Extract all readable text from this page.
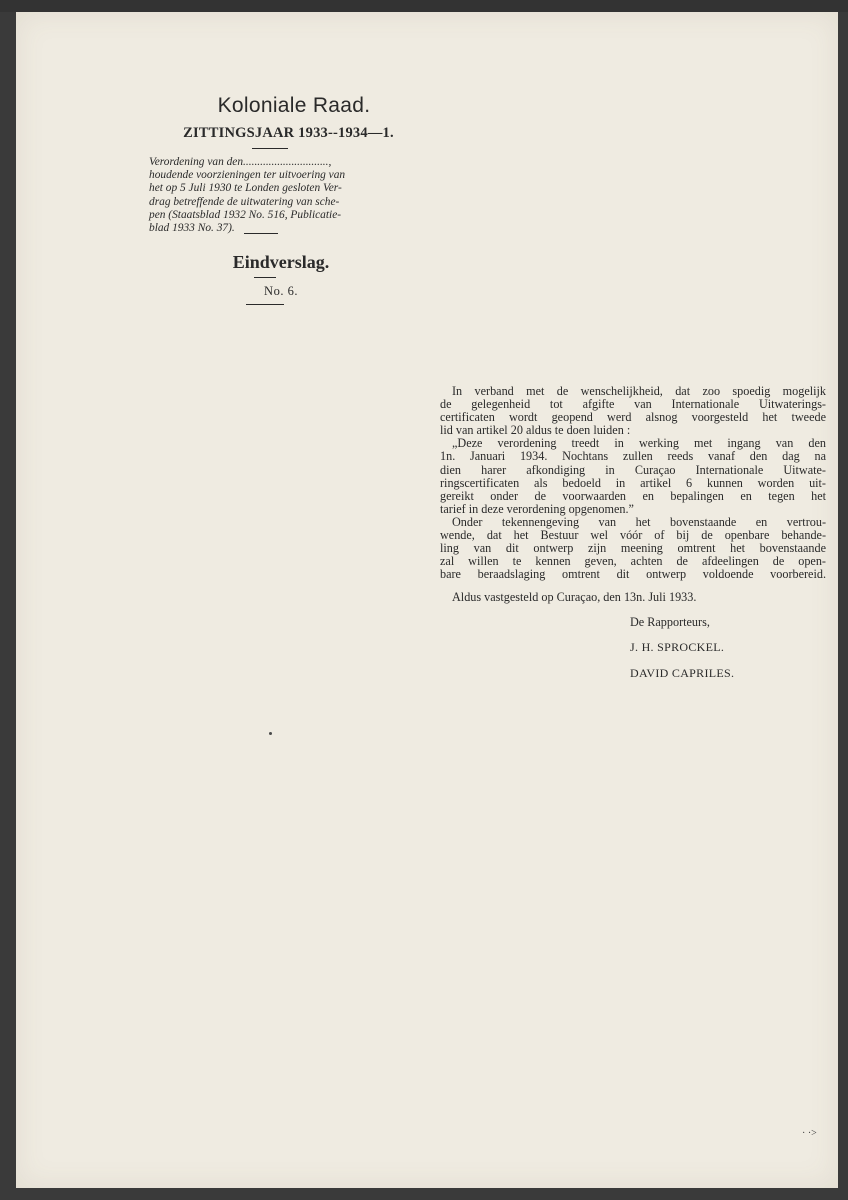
Koloniale Raad.
ZITTINGSJAAR 1933--1934—1.
Verordening van den..............................,
houdende voorzieningen ter uitvoering van
het op 5 Juli 1930 te Londen gesloten Ver-
drag betreffende de uitwatering van sche-
pen (Staatsblad 1932 No. 516, Publicatie-
blad 1933 No. 37).
Eindverslag.
No. 6.
In verband met de wenschelijkheid, dat zoo spoedig mogelijk
de gelegenheid tot afgifte van Internationale Uitwaterings-
certificaten wordt geopend werd alsnog voorgesteld het tweede
lid van artikel 20 aldus te doen luiden :
„Deze verordening treedt in werking met ingang van den
1n. Januari 1934. Nochtans zullen reeds vanaf den dag na
dien harer afkondiging in Curaçao Internationale Uitwate-
ringscertificaten als bedoeld in artikel 6 kunnen worden uit-
gereikt onder de voorwaarden en bepalingen en tegen het
tarief in deze verordening opgenomen.”
Onder tekennengeving van het bovenstaande en vertrou-
wende, dat het Bestuur wel vóór of bij de openbare behande-
ling van dit ontwerp zijn meening omtrent het bovenstaande
zal willen te kennen geven, achten de afdeelingen de open-
bare beraadslaging omtrent dit ontwerp voldoende voorbereid.
Aldus vastgesteld op Curaçao, den 13n. Juli 1933.
De Rapporteurs,
J. H. SPROCKEL.
DAVID CAPRILES.
· ·>
